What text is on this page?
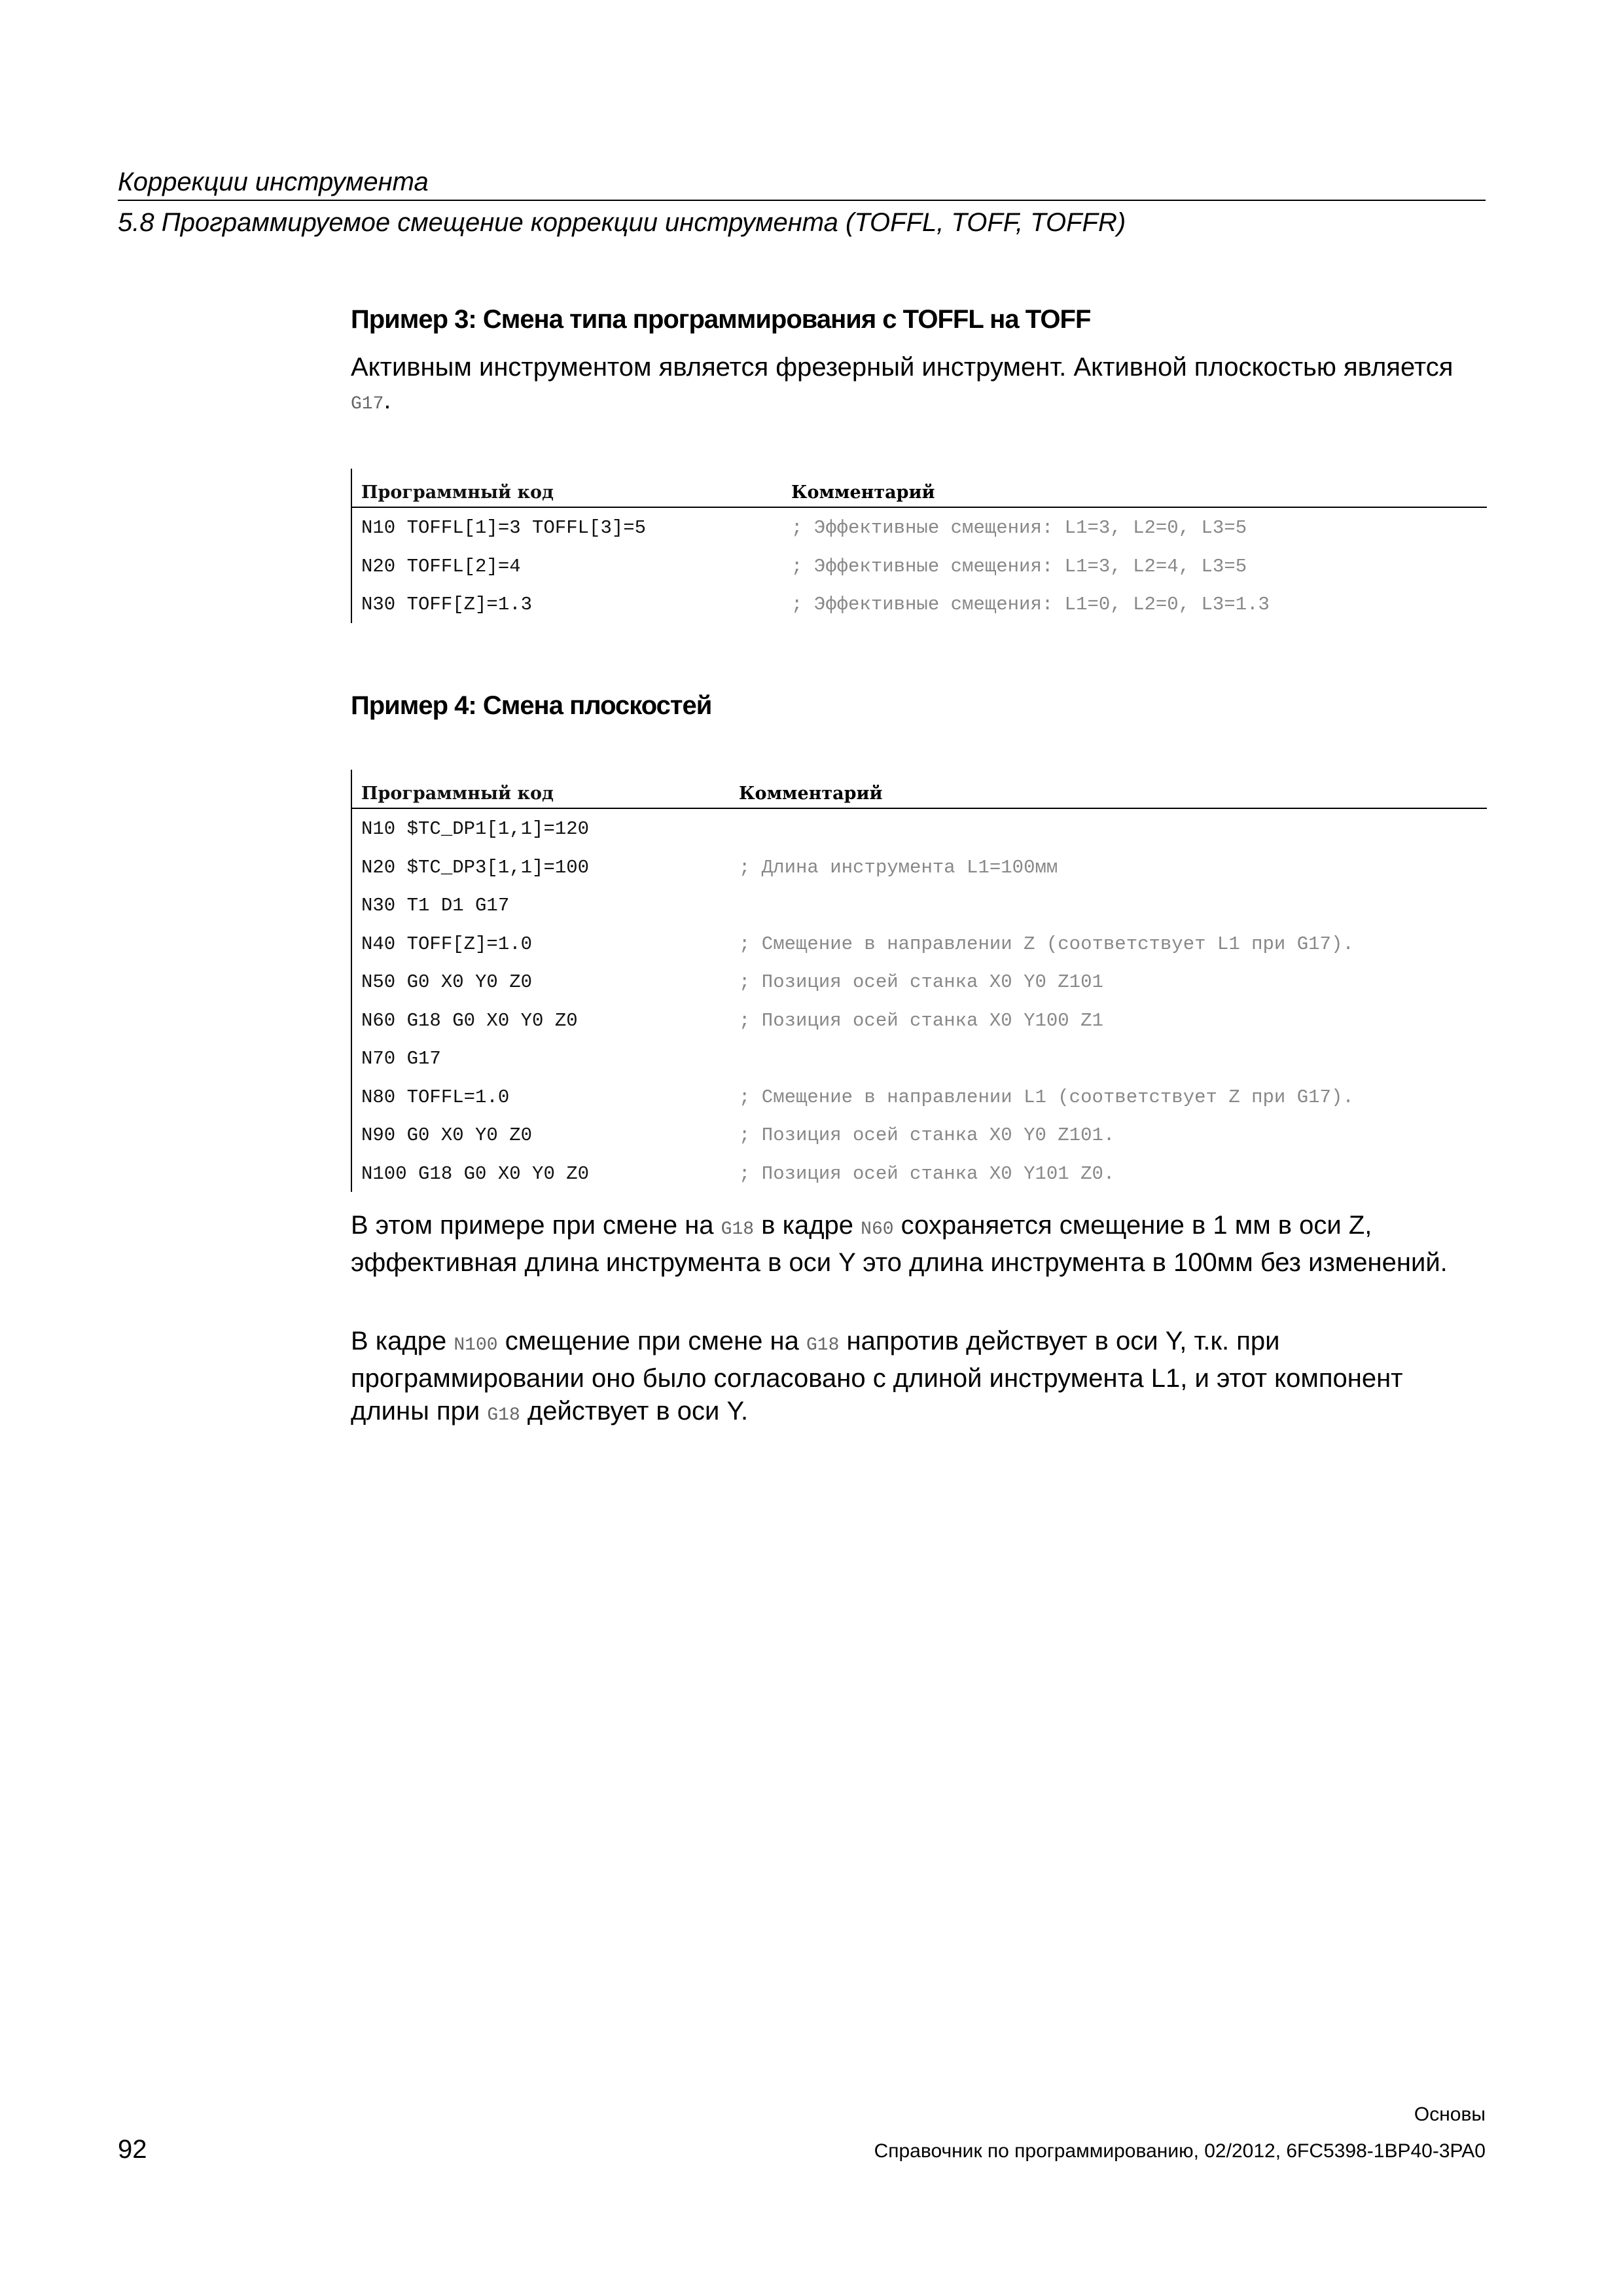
Коррекции инструмента
5.8 Программируемое смещение коррекции инструмента (TOFFL, TOFF, TOFFR)
Пример 3: Смена типа программирования с TOFFL на TOFF

Активным инструментом является фрезерный инструмент. Активной плоскостью является G17.

Программный код	Комментарий
N10 TOFFL[1]=3 TOFFL[3]=5	; Эффективные смещения: L1=3, L2=0, L3=5
N20 TOFFL[2]=4	; Эффективные смещения: L1=3, L2=4, L3=5
N30 TOFF[Z]=1.3	; Эффективные смещения: L1=0, L2=0, L3=1.3
Пример 4: Смена плоскостей
Программный код	Комментарий
N10 $TC_DP1[1,1]=120
N20 $TC_DP3[1,1]=100	; Длина инструмента L1=100мм
N30 T1 D1 G17
N40 TOFF[Z]=1.0	; Смещение в направлении Z (соответствует L1 при G17).
N50 G0 X0 Y0 Z0	; Позиция осей станка X0 Y0 Z101
N60 G18 G0 X0 Y0 Z0	; Позиция осей станка X0 Y100 Z1
N70 G17
N80 TOFFL=1.0	; Смещение в направлении L1 (соответствует Z при G17).
N90 G0 X0 Y0 Z0	; Позиция осей станка X0 Y0 Z101.
N100 G18 G0 X0 Y0 Z0	; Позиция осей станка X0 Y101 Z0.

В этом примере при смене на G18 в кадре N60 сохраняется смещение в 1 мм в оси Z, эффективная длина инструмента в оси Y это длина инструмента в 100мм без изменений.

В кадре N100 смещение при смене на G18 напротив действует в оси Y, т.к. при программировании оно было согласовано с длиной инструмента L1, и этот компонент длины при G18 действует в оси Y.

Основы
92	Справочник по программированию, 02/2012, 6FC5398-1BP40-3PA0
